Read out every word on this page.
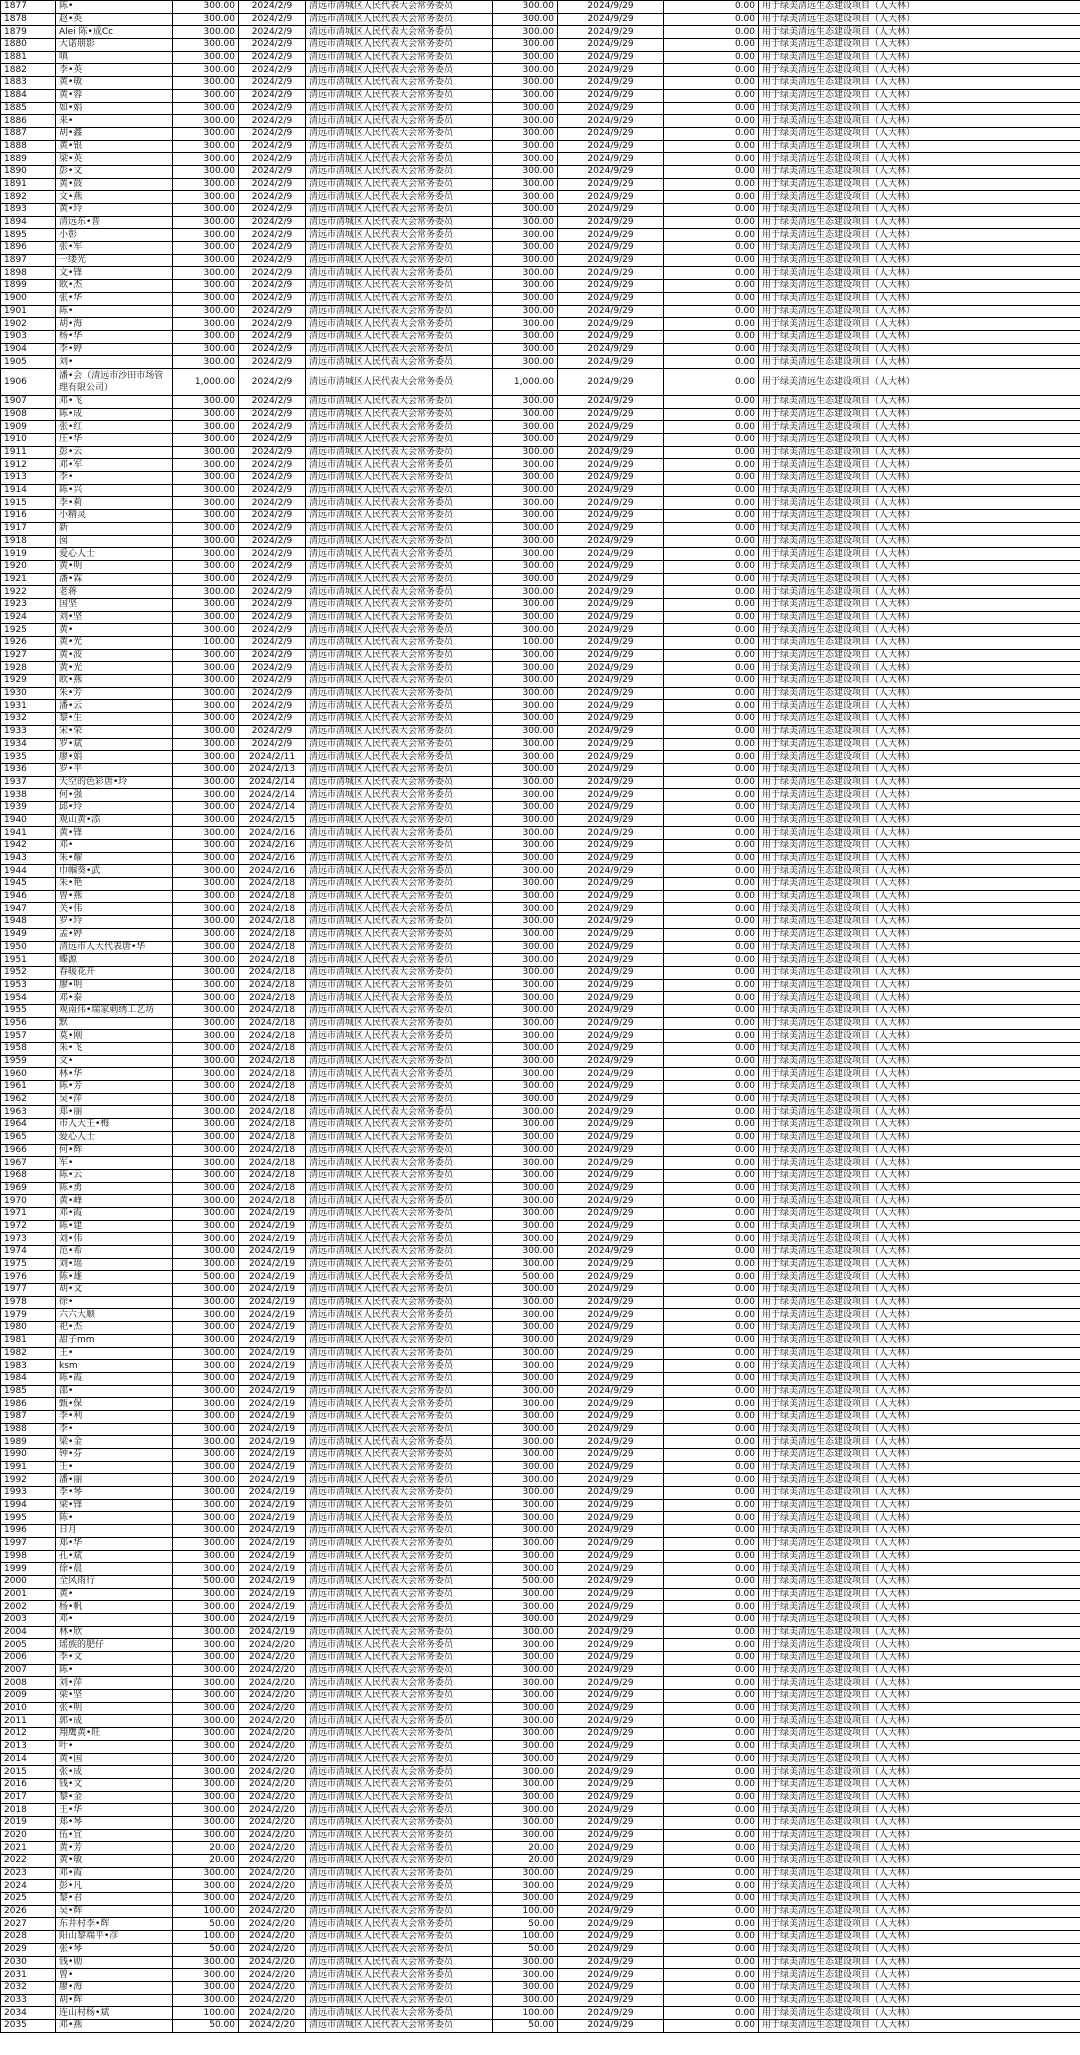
1877	陈•	300.00	2024/2/9	清远市清城区人民代表大会常务委员	300.00	2024/9/29	0.00	用于绿美清远生态建设项目（人大林）
1878	赵•英	300.00	2024/2/9	清远市清城区人民代表大会常务委员	300.00	2024/9/29	0.00	用于绿美清远生态建设项目（人大林）
1879	Alei 陈•成Cc	300.00	2024/2/9	清远市清城区人民代表大会常务委员	300.00	2024/9/29	0.00	用于绿美清远生态建设项目（人大林）
1880	大诺朋影	300.00	2024/2/9	清远市清城区人民代表大会常务委员	300.00	2024/9/29	0.00	用于绿美清远生态建设项目（人大林）
1881	嗔	300.00	2024/2/9	清远市清城区人民代表大会常务委员	300.00	2024/9/29	0.00	用于绿美清远生态建设项目（人大林）
1882	李•英	300.00	2024/2/9	清远市清城区人民代表大会常务委员	300.00	2024/9/29	0.00	用于绿美清远生态建设项目（人大林）
1883	黄•敏	300.00	2024/2/9	清远市清城区人民代表大会常务委员	300.00	2024/9/29	0.00	用于绿美清远生态建设项目（人大林）
1884	黄•蓉	300.00	2024/2/9	清远市清城区人民代表大会常务委员	300.00	2024/9/29	0.00	用于绿美清远生态建设项目（人大林）
1885	如•娟	300.00	2024/2/9	清远市清城区人民代表大会常务委员	300.00	2024/9/29	0.00	用于绿美清远生态建设项目（人大林）
1886	来•	300.00	2024/2/9	清远市清城区人民代表大会常务委员	300.00	2024/9/29	0.00	用于绿美清远生态建设项目（人大林）
1887	胡•鑫	300.00	2024/2/9	清远市清城区人民代表大会常务委员	300.00	2024/9/29	0.00	用于绿美清远生态建设项目（人大林）
1888	黄•银	300.00	2024/2/9	清远市清城区人民代表大会常务委员	300.00	2024/9/29	0.00	用于绿美清远生态建设项目（人大林）
1889	梁•英	300.00	2024/2/9	清远市清城区人民代表大会常务委员	300.00	2024/9/29	0.00	用于绿美清远生态建设项目（人大林）
1890	彭•文	300.00	2024/2/9	清远市清城区人民代表大会常务委员	300.00	2024/9/29	0.00	用于绿美清远生态建设项目（人大林）
1891	黄•鼓	300.00	2024/2/9	清远市清城区人民代表大会常务委员	300.00	2024/9/29	0.00	用于绿美清远生态建设项目（人大林）
1892	文•燕	300.00	2024/2/9	清远市清城区人民代表大会常务委员	300.00	2024/9/29	0.00	用于绿美清远生态建设项目（人大林）
1893	黄•玲	300.00	2024/2/9	清远市清城区人民代表大会常务委员	300.00	2024/9/29	0.00	用于绿美清远生态建设项目（人大林）
1894	清远东•普	300.00	2024/2/9	清远市清城区人民代表大会常务委员	300.00	2024/9/29	0.00	用于绿美清远生态建设项目（人大林）
1895	小彰	300.00	2024/2/9	清远市清城区人民代表大会常务委员	300.00	2024/9/29	0.00	用于绿美清远生态建设项目（人大林）
1896	张•军	300.00	2024/2/9	清远市清城区人民代表大会常务委员	300.00	2024/9/29	0.00	用于绿美清远生态建设项目（人大林）
1897	一缕光	300.00	2024/2/9	清远市清城区人民代表大会常务委员	300.00	2024/9/29	0.00	用于绿美清远生态建设项目（人大林）
1898	文•锋	300.00	2024/2/9	清远市清城区人民代表大会常务委员	300.00	2024/9/29	0.00	用于绿美清远生态建设项目（人大林）
1899	欧•杰	300.00	2024/2/9	清远市清城区人民代表大会常务委员	300.00	2024/9/29	0.00	用于绿美清远生态建设项目（人大林）
1900	张•华	300.00	2024/2/9	清远市清城区人民代表大会常务委员	300.00	2024/9/29	0.00	用于绿美清远生态建设项目（人大林）
1901	陈•	300.00	2024/2/9	清远市清城区人民代表大会常务委员	300.00	2024/9/29	0.00	用于绿美清远生态建设项目（人大林）
1902	胡•海	300.00	2024/2/9	清远市清城区人民代表大会常务委员	300.00	2024/9/29	0.00	用于绿美清远生态建设项目（人大林）
1903	杨•华	300.00	2024/2/9	清远市清城区人民代表大会常务委员	300.00	2024/9/29	0.00	用于绿美清远生态建设项目（人大林）
1904	李•婷	300.00	2024/2/9	清远市清城区人民代表大会常务委员	300.00	2024/9/29	0.00	用于绿美清远生态建设项目（人大林）
1905	刘•	300.00	2024/2/9	清远市清城区人民代表大会常务委员	300.00	2024/9/29	0.00	用于绿美清远生态建设项目（人大林）
1906	潘•会（清远市沙田市场管理有限公司）	1,000.00	2024/2/9	清远市清城区人民代表大会常务委员	1,000.00	2024/9/29	0.00	用于绿美清远生态建设项目（人大林）
1907	邓•飞	300.00	2024/2/9	清远市清城区人民代表大会常务委员	300.00	2024/9/29	0.00	用于绿美清远生态建设项目（人大林）
1908	陈•成	300.00	2024/2/9	清远市清城区人民代表大会常务委员	300.00	2024/9/29	0.00	用于绿美清远生态建设项目（人大林）
1909	张•红	300.00	2024/2/9	清远市清城区人民代表大会常务委员	300.00	2024/9/29	0.00	用于绿美清远生态建设项目（人大林）
1910	庄•华	300.00	2024/2/9	清远市清城区人民代表大会常务委员	300.00	2024/9/29	0.00	用于绿美清远生态建设项目（人大林）
1911	彭•云	300.00	2024/2/9	清远市清城区人民代表大会常务委员	300.00	2024/9/29	0.00	用于绿美清远生态建设项目（人大林）
1912	邓•军	300.00	2024/2/9	清远市清城区人民代表大会常务委员	300.00	2024/9/29	0.00	用于绿美清远生态建设项目（人大林）
1913	李•	300.00	2024/2/9	清远市清城区人民代表大会常务委员	300.00	2024/9/29	0.00	用于绿美清远生态建设项目（人大林）
1914	陈•兴	300.00	2024/2/9	清远市清城区人民代表大会常务委员	300.00	2024/9/29	0.00	用于绿美清远生态建设项目（人大林）
1915	李•莉	300.00	2024/2/9	清远市清城区人民代表大会常务委员	300.00	2024/9/29	0.00	用于绿美清远生态建设项目（人大林）
1916	小精灵	300.00	2024/2/9	清远市清城区人民代表大会常务委员	300.00	2024/9/29	0.00	用于绿美清远生态建设项目（人大林）
1917	新	300.00	2024/2/9	清远市清城区人民代表大会常务委员	300.00	2024/9/29	0.00	用于绿美清远生态建设项目（人大林）
1918	囡	300.00	2024/2/9	清远市清城区人民代表大会常务委员	300.00	2024/9/29	0.00	用于绿美清远生态建设项目（人大林）
1919	爱心人士	300.00	2024/2/9	清远市清城区人民代表大会常务委员	300.00	2024/9/29	0.00	用于绿美清远生态建设项目（人大林）
1920	黄•明	300.00	2024/2/9	清远市清城区人民代表大会常务委员	300.00	2024/9/29	0.00	用于绿美清远生态建设项目（人大林）
1921	潘•霖	300.00	2024/2/9	清远市清城区人民代表大会常务委员	300.00	2024/9/29	0.00	用于绿美清远生态建设项目（人大林）
1922	老蒋	300.00	2024/2/9	清远市清城区人民代表大会常务委员	300.00	2024/9/29	0.00	用于绿美清远生态建设项目（人大林）
1923	国坚	300.00	2024/2/9	清远市清城区人民代表大会常务委员	300.00	2024/9/29	0.00	用于绿美清远生态建设项目（人大林）
1924	刘•坚	300.00	2024/2/9	清远市清城区人民代表大会常务委员	300.00	2024/9/29	0.00	用于绿美清远生态建设项目（人大林）
1925	黄•	300.00	2024/2/9	清远市清城区人民代表大会常务委员	300.00	2024/9/29	0.00	用于绿美清远生态建设项目（人大林）
1926	黄•光	100.00	2024/2/9	清远市清城区人民代表大会常务委员	100.00	2024/9/29	0.00	用于绿美清远生态建设项目（人大林）
1927	黄•波	300.00	2024/2/9	清远市清城区人民代表大会常务委员	300.00	2024/9/29	0.00	用于绿美清远生态建设项目（人大林）
1928	黄•光	300.00	2024/2/9	清远市清城区人民代表大会常务委员	300.00	2024/9/29	0.00	用于绿美清远生态建设项目（人大林）
1929	欧•燕	300.00	2024/2/9	清远市清城区人民代表大会常务委员	300.00	2024/9/29	0.00	用于绿美清远生态建设项目（人大林）
1930	朱•芳	300.00	2024/2/9	清远市清城区人民代表大会常务委员	300.00	2024/9/29	0.00	用于绿美清远生态建设项目（人大林）
1931	潘•云	300.00	2024/2/9	清远市清城区人民代表大会常务委员	300.00	2024/9/29	0.00	用于绿美清远生态建设项目（人大林）
1932	黎•生	300.00	2024/2/9	清远市清城区人民代表大会常务委员	300.00	2024/9/29	0.00	用于绿美清远生态建设项目（人大林）
1933	宋•荣	300.00	2024/2/9	清远市清城区人民代表大会常务委员	300.00	2024/9/29	0.00	用于绿美清远生态建设项目（人大林）
1934	罗•斌	300.00	2024/2/9	清远市清城区人民代表大会常务委员	300.00	2024/9/29	0.00	用于绿美清远生态建设项目（人大林）
1935	廖•娟	300.00	2024/2/11	清远市清城区人民代表大会常务委员	300.00	2024/9/29	0.00	用于绿美清远生态建设项目（人大林）
1936	罗•平	300.00	2024/2/13	清远市清城区人民代表大会常务委员	300.00	2024/9/29	0.00	用于绿美清远生态建设项目（人大林）
1937	天空的色彩唐•玲	300.00	2024/2/14	清远市清城区人民代表大会常务委员	300.00	2024/9/29	0.00	用于绿美清远生态建设项目（人大林）
1938	何•强	300.00	2024/2/14	清远市清城区人民代表大会常务委员	300.00	2024/9/29	0.00	用于绿美清远生态建设项目（人大林）
1939	邱•玲	300.00	2024/2/14	清远市清城区人民代表大会常务委员	300.00	2024/9/29	0.00	用于绿美清远生态建设项目（人大林）
1940	观山黄•添	300.00	2024/2/15	清远市清城区人民代表大会常务委员	300.00	2024/9/29	0.00	用于绿美清远生态建设项目（人大林）
1941	黄•锋	300.00	2024/2/16	清远市清城区人民代表大会常务委员	300.00	2024/9/29	0.00	用于绿美清远生态建设项目（人大林）
1942	邓•	300.00	2024/2/16	清远市清城区人民代表大会常务委员	300.00	2024/9/29	0.00	用于绿美清远生态建设项目（人大林）
1943	朱•耀	300.00	2024/2/16	清远市清城区人民代表大会常务委员	300.00	2024/9/29	0.00	用于绿美清远生态建设项目（人大林）
1944	巾帼葵•武	300.00	2024/2/16	清远市清城区人民代表大会常务委员	300.00	2024/9/29	0.00	用于绿美清远生态建设项目（人大林）
1945	朱•艳	300.00	2024/2/18	清远市清城区人民代表大会常务委员	300.00	2024/9/29	0.00	用于绿美清远生态建设项目（人大林）
1946	曾•燕	300.00	2024/2/18	清远市清城区人民代表大会常务委员	300.00	2024/9/29	0.00	用于绿美清远生态建设项目（人大林）
1947	关•伟	300.00	2024/2/18	清远市清城区人民代表大会常务委员	300.00	2024/9/29	0.00	用于绿美清远生态建设项目（人大林）
1948	罗•玲	300.00	2024/2/18	清远市清城区人民代表大会常务委员	300.00	2024/9/29	0.00	用于绿美清远生态建设项目（人大林）
1949	孟•婷	300.00	2024/2/18	清远市清城区人民代表大会常务委员	300.00	2024/9/29	0.00	用于绿美清远生态建设项目（人大林）
1950	清远市人大代表唐•华	300.00	2024/2/18	清远市清城区人民代表大会常务委员	300.00	2024/9/29	0.00	用于绿美清远生态建设项目（人大林）
1951	蝶源	300.00	2024/2/18	清远市清城区人民代表大会常务委员	300.00	2024/9/29	0.00	用于绿美清远生态建设项目（人大林）
1952	春暖花开	300.00	2024/2/18	清远市清城区人民代表大会常务委员	300.00	2024/9/29	0.00	用于绿美清远生态建设项目（人大林）
1953	廖•明	300.00	2024/2/18	清远市清城区人民代表大会常务委员	300.00	2024/9/29	0.00	用于绿美清远生态建设项目（人大林）
1954	邓•泰	300.00	2024/2/18	清远市清城区人民代表大会常务委员	300.00	2024/9/29	0.00	用于绿美清远生态建设项目（人大林）
1955	观南伟•瑞家刺绣工艺坊	300.00	2024/2/18	清远市清城区人民代表大会常务委员	300.00	2024/9/29	0.00	用于绿美清远生态建设项目（人大林）
1956	默	300.00	2024/2/18	清远市清城区人民代表大会常务委员	300.00	2024/9/29	0.00	用于绿美清远生态建设项目（人大林）
1957	莫•刚	300.00	2024/2/18	清远市清城区人民代表大会常务委员	300.00	2024/9/29	0.00	用于绿美清远生态建设项目（人大林）
1958	朱•飞	300.00	2024/2/18	清远市清城区人民代表大会常务委员	300.00	2024/9/29	0.00	用于绿美清远生态建设项目（人大林）
1959	文•	300.00	2024/2/18	清远市清城区人民代表大会常务委员	300.00	2024/9/29	0.00	用于绿美清远生态建设项目（人大林）
1960	林•华	300.00	2024/2/18	清远市清城区人民代表大会常务委员	300.00	2024/9/29	0.00	用于绿美清远生态建设项目（人大林）
1961	陈•芳	300.00	2024/2/18	清远市清城区人民代表大会常务委员	300.00	2024/9/29	0.00	用于绿美清远生态建设项目（人大林）
1962	吴•萍	300.00	2024/2/18	清远市清城区人民代表大会常务委员	300.00	2024/9/29	0.00	用于绿美清远生态建设项目（人大林）
1963	郑•丽	300.00	2024/2/18	清远市清城区人民代表大会常务委员	300.00	2024/9/29	0.00	用于绿美清远生态建设项目（人大林）
1964	市人大王•梅	300.00	2024/2/18	清远市清城区人民代表大会常务委员	300.00	2024/9/29	0.00	用于绿美清远生态建设项目（人大林）
1965	爱心人士	300.00	2024/2/18	清远市清城区人民代表大会常务委员	300.00	2024/9/29	0.00	用于绿美清远生态建设项目（人大林）
1966	何•辉	300.00	2024/2/18	清远市清城区人民代表大会常务委员	300.00	2024/9/29	0.00	用于绿美清远生态建设项目（人大林）
1967	军•	300.00	2024/2/18	清远市清城区人民代表大会常务委员	300.00	2024/9/29	0.00	用于绿美清远生态建设项目（人大林）
1968	陈•云	300.00	2024/2/18	清远市清城区人民代表大会常务委员	300.00	2024/9/29	0.00	用于绿美清远生态建设项目（人大林）
1969	陈•勇	300.00	2024/2/18	清远市清城区人民代表大会常务委员	300.00	2024/9/29	0.00	用于绿美清远生态建设项目（人大林）
1970	黄•峰	300.00	2024/2/18	清远市清城区人民代表大会常务委员	300.00	2024/9/29	0.00	用于绿美清远生态建设项目（人大林）
1971	邓•霞	300.00	2024/2/19	清远市清城区人民代表大会常务委员	300.00	2024/9/29	0.00	用于绿美清远生态建设项目（人大林）
1972	陈•建	300.00	2024/2/19	清远市清城区人民代表大会常务委员	300.00	2024/9/29	0.00	用于绿美清远生态建设项目（人大林）
1973	刘•伟	300.00	2024/2/19	清远市清城区人民代表大会常务委员	300.00	2024/9/29	0.00	用于绿美清远生态建设项目（人大林）
1974	范•希	300.00	2024/2/19	清远市清城区人民代表大会常务委员	300.00	2024/9/29	0.00	用于绿美清远生态建设项目（人大林）
1975	刘•瑶	300.00	2024/2/19	清远市清城区人民代表大会常务委员	300.00	2024/9/29	0.00	用于绿美清远生态建设项目（人大林）
1976	陈•雄	500.00	2024/2/19	清远市清城区人民代表大会常务委员	500.00	2024/9/29	0.00	用于绿美清远生态建设项目（人大林）
1977	胡•文	300.00	2024/2/19	清远市清城区人民代表大会常务委员	300.00	2024/9/29	0.00	用于绿美清远生态建设项目（人大林）
1978	徐•	300.00	2024/2/19	清远市清城区人民代表大会常务委员	300.00	2024/9/29	0.00	用于绿美清远生态建设项目（人大林）
1979	六六大顺	300.00	2024/2/19	清远市清城区人民代表大会常务委员	300.00	2024/9/29	0.00	用于绿美清远生态建设项目（人大林）
1980	祀•杰	300.00	2024/2/19	清远市清城区人民代表大会常务委员	300.00	2024/9/29	0.00	用于绿美清远生态建设项目（人大林）
1981	甜子mm	300.00	2024/2/19	清远市清城区人民代表大会常务委员	300.00	2024/9/29	0.00	用于绿美清远生态建设项目（人大林）
1982	王•	300.00	2024/2/19	清远市清城区人民代表大会常务委员	300.00	2024/9/29	0.00	用于绿美清远生态建设项目（人大林）
1983	ksm	300.00	2024/2/19	清远市清城区人民代表大会常务委员	300.00	2024/9/29	0.00	用于绿美清远生态建设项目（人大林）
1984	陈•霞	300.00	2024/2/19	清远市清城区人民代表大会常务委员	300.00	2024/9/29	0.00	用于绿美清远生态建设项目（人大林）
1985	邵•	300.00	2024/2/19	清远市清城区人民代表大会常务委员	300.00	2024/9/29	0.00	用于绿美清远生态建设项目（人大林）
1986	甄•保	300.00	2024/2/19	清远市清城区人民代表大会常务委员	300.00	2024/9/29	0.00	用于绿美清远生态建设项目（人大林）
1987	李•利	300.00	2024/2/19	清远市清城区人民代表大会常务委员	300.00	2024/9/29	0.00	用于绿美清远生态建设项目（人大林）
1988	李•	300.00	2024/2/19	清远市清城区人民代表大会常务委员	300.00	2024/9/29	0.00	用于绿美清远生态建设项目（人大林）
1989	梁•金	300.00	2024/2/19	清远市清城区人民代表大会常务委员	300.00	2024/9/29	0.00	用于绿美清远生态建设项目（人大林）
1990	钟•芬	300.00	2024/2/19	清远市清城区人民代表大会常务委员	300.00	2024/9/29	0.00	用于绿美清远生态建设项目（人大林）
1991	王•	300.00	2024/2/19	清远市清城区人民代表大会常务委员	300.00	2024/9/29	0.00	用于绿美清远生态建设项目（人大林）
1992	潘•丽	300.00	2024/2/19	清远市清城区人民代表大会常务委员	300.00	2024/9/29	0.00	用于绿美清远生态建设项目（人大林）
1993	李•琴	300.00	2024/2/19	清远市清城区人民代表大会常务委员	300.00	2024/9/29	0.00	用于绿美清远生态建设项目（人大林）
1994	梁•锋	300.00	2024/2/19	清远市清城区人民代表大会常务委员	300.00	2024/9/29	0.00	用于绿美清远生态建设项目（人大林）
1995	陈•	300.00	2024/2/19	清远市清城区人民代表大会常务委员	300.00	2024/9/29	0.00	用于绿美清远生态建设项目（人大林）
1996	日月	300.00	2024/2/19	清远市清城区人民代表大会常务委员	300.00	2024/9/29	0.00	用于绿美清远生态建设项目（人大林）
1997	郑•华	300.00	2024/2/19	清远市清城区人民代表大会常务委员	300.00	2024/9/29	0.00	用于绿美清远生态建设项目（人大林）
1998	孔•斌	300.00	2024/2/19	清远市清城区人民代表大会常务委员	300.00	2024/9/29	0.00	用于绿美清远生态建设项目（人大林）
1999	徐•晨	300.00	2024/2/19	清远市清城区人民代表大会常务委员	300.00	2024/9/29	0.00	用于绿美清远生态建设项目（人大林）
2000	全风雨行	500.00	2024/2/19	清远市清城区人民代表大会常务委员	500.00	2024/9/29	0.00	用于绿美清远生态建设项目（人大林）
2001	黄•	300.00	2024/2/19	清远市清城区人民代表大会常务委员	300.00	2024/9/29	0.00	用于绿美清远生态建设项目（人大林）
2002	杨•帆	300.00	2024/2/19	清远市清城区人民代表大会常务委员	300.00	2024/9/29	0.00	用于绿美清远生态建设项目（人大林）
2003	邓•	300.00	2024/2/19	清远市清城区人民代表大会常务委员	300.00	2024/9/29	0.00	用于绿美清远生态建设项目（人大林）
2004	林•欣	300.00	2024/2/19	清远市清城区人民代表大会常务委员	300.00	2024/9/29	0.00	用于绿美清远生态建设项目（人大林）
2005	瑶族的肥仔	300.00	2024/2/20	清远市清城区人民代表大会常务委员	300.00	2024/9/29	0.00	用于绿美清远生态建设项目（人大林）
2006	李•文	300.00	2024/2/20	清远市清城区人民代表大会常务委员	300.00	2024/9/29	0.00	用于绿美清远生态建设项目（人大林）
2007	陈•	300.00	2024/2/20	清远市清城区人民代表大会常务委员	300.00	2024/9/29	0.00	用于绿美清远生态建设项目（人大林）
2008	刘•萍	300.00	2024/2/20	清远市清城区人民代表大会常务委员	300.00	2024/9/29	0.00	用于绿美清远生态建设项目（人大林）
2009	梁•坚	300.00	2024/2/20	清远市清城区人民代表大会常务委员	300.00	2024/9/29	0.00	用于绿美清远生态建设项目（人大林）
2010	张•明	300.00	2024/2/20	清远市清城区人民代表大会常务委员	300.00	2024/9/29	0.00	用于绿美清远生态建设项目（人大林）
2011	郭•成	300.00	2024/2/20	清远市清城区人民代表大会常务委员	300.00	2024/9/29	0.00	用于绿美清远生态建设项目（人大林）
2012	翔鹰黄•旺	300.00	2024/2/20	清远市清城区人民代表大会常务委员	300.00	2024/9/29	0.00	用于绿美清远生态建设项目（人大林）
2013	叶•	300.00	2024/2/20	清远市清城区人民代表大会常务委员	300.00	2024/9/29	0.00	用于绿美清远生态建设项目（人大林）
2014	黄•国	300.00	2024/2/20	清远市清城区人民代表大会常务委员	300.00	2024/9/29	0.00	用于绿美清远生态建设项目（人大林）
2015	张•成	300.00	2024/2/20	清远市清城区人民代表大会常务委员	300.00	2024/9/29	0.00	用于绿美清远生态建设项目（人大林）
2016	钱•文	300.00	2024/2/20	清远市清城区人民代表大会常务委员	300.00	2024/9/29	0.00	用于绿美清远生态建设项目（人大林）
2017	黎•金	300.00	2024/2/20	清远市清城区人民代表大会常务委员	300.00	2024/9/29	0.00	用于绿美清远生态建设项目（人大林）
2018	王•华	300.00	2024/2/20	清远市清城区人民代表大会常务委员	300.00	2024/9/29	0.00	用于绿美清远生态建设项目（人大林）
2019	郑•琴	300.00	2024/2/20	清远市清城区人民代表大会常务委员	300.00	2024/9/29	0.00	用于绿美清远生态建设项目（人大林）
2020	伍•宜	300.00	2024/2/20	清远市清城区人民代表大会常务委员	300.00	2024/9/29	0.00	用于绿美清远生态建设项目（人大林）
2021	黄•芳	20.00	2024/2/20	清远市清城区人民代表大会常务委员	20.00	2024/9/29	0.00	用于绿美清远生态建设项目（人大林）
2022	黄•敏	20.00	2024/2/20	清远市清城区人民代表大会常务委员	20.00	2024/9/29	0.00	用于绿美清远生态建设项目（人大林）
2023	邓•霞	300.00	2024/2/20	清远市清城区人民代表大会常务委员	300.00	2024/9/29	0.00	用于绿美清远生态建设项目（人大林）
2024	彭•凡	300.00	2024/2/20	清远市清城区人民代表大会常务委员	300.00	2024/9/29	0.00	用于绿美清远生态建设项目（人大林）
2025	黎•君	300.00	2024/2/20	清远市清城区人民代表大会常务委员	300.00	2024/9/29	0.00	用于绿美清远生态建设项目（人大林）
2026	吴•辉	100.00	2024/2/20	清远市清城区人民代表大会常务委员	100.00	2024/9/29	0.00	用于绿美清远生态建设项目（人大林）
2027	东井村李•辉	50.00	2024/2/20	清远市清城区人民代表大会常务委员	50.00	2024/9/29	0.00	用于绿美清远生态建设项目（人大林）
2028	阳山黎端平•彦	100.00	2024/2/20	清远市清城区人民代表大会常务委员	100.00	2024/9/29	0.00	用于绿美清远生态建设项目（人大林）
2029	张•琴	50.00	2024/2/20	清远市清城区人民代表大会常务委员	50.00	2024/9/29	0.00	用于绿美清远生态建设项目（人大林）
2030	钱•勋	300.00	2024/2/20	清远市清城区人民代表大会常务委员	300.00	2024/9/29	0.00	用于绿美清远生态建设项目（人大林）
2031	曾•	300.00	2024/2/20	清远市清城区人民代表大会常务委员	300.00	2024/9/29	0.00	用于绿美清远生态建设项目（人大林）
2032	廖•海	300.00	2024/2/20	清远市清城区人民代表大会常务委员	300.00	2024/9/29	0.00	用于绿美清远生态建设项目（人大林）
2033	胡•辉	300.00	2024/2/20	清远市清城区人民代表大会常务委员	300.00	2024/9/29	0.00	用于绿美清远生态建设项目（人大林）
2034	连山村杨•斌	100.00	2024/2/20	清远市清城区人民代表大会常务委员	100.00	2024/9/29	0.00	用于绿美清远生态建设项目（人大林）
2035	邓•燕	50.00	2024/2/20	清远市清城区人民代表大会常务委员	50.00	2024/9/29	0.00	用于绿美清远生态建设项目（人大林）
